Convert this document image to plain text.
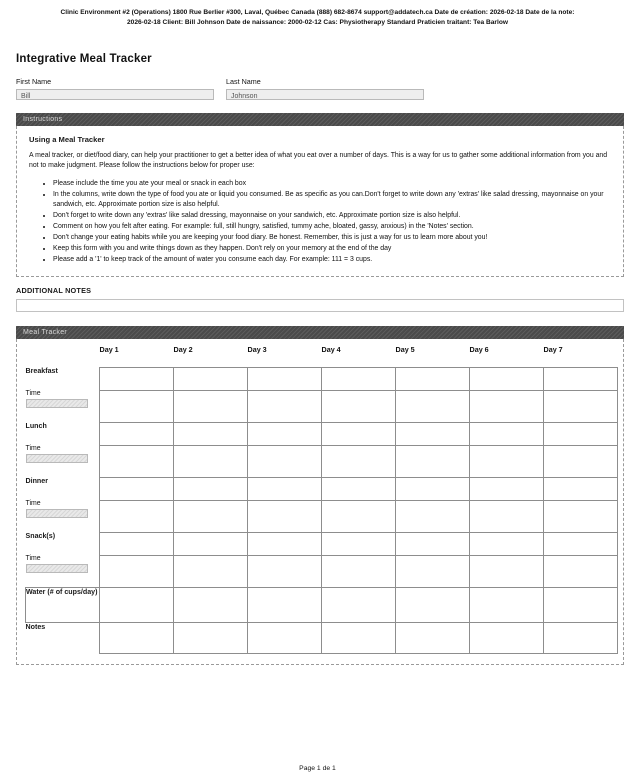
Clinic Environment #2 (Operations) 1800 Rue Berlier #300, Laval, Québec Canada (888) 682-8674 support@addatech.ca Date de création: 2026-02-18 Date de la note:
2026-02-18 Client: Bill Johnson Date de naissance: 2000-02-12 Cas: Physiotherapy Standard Praticien traitant: Tea Barlow
Integrative Meal Tracker
First Name
Bill
Last Name
Johnson
Instructions
Using a Meal Tracker
A meal tracker, or diet/food diary, can help your practitioner to get a better idea of what you eat over a number of days. This is a way for us to gather some additional information from you and not to make judgment. Please follow the instructions below for proper use:
• Please include the time you ate your meal or snack in each box
• In the columns, write down the type of food you ate or liquid you consumed. Be as specific as you can.Don't forget to write down any 'extras' like salad dressing, mayonnaise on your sandwich, etc. Approximate portion size is also helpful.
• Don't forget to write down any 'extras' like salad dressing, mayonnaise on your sandwich, etc. Approximate portion size is also helpful.
• Comment on how you felt after eating. For example: full, still hungry, satisfied, tummy ache, bloated, gassy, anxious) in the 'Notes' section.
• Don't change your eating habits while you are keeping your food diary. Be honest. Remember, this is just a way for us to learn more about you!
• Keep this form with you and write things down as they happen. Don't rely on your memory at the end of the day
• Please add a '1' to keep track of the amount of water you consume each day. For example: 111 = 3 cups.
ADDITIONAL NOTES
Meal Tracker
	Day 1	Day 2	Day 3	Day 4	Day 5	Day 6	Day 7
Breakfast							

Time							

Lunch							

Time							

Dinner							

Time							

Snack(s)							

Time							

Water (# of cups/day)							
Notes							
Page 1 de 1
